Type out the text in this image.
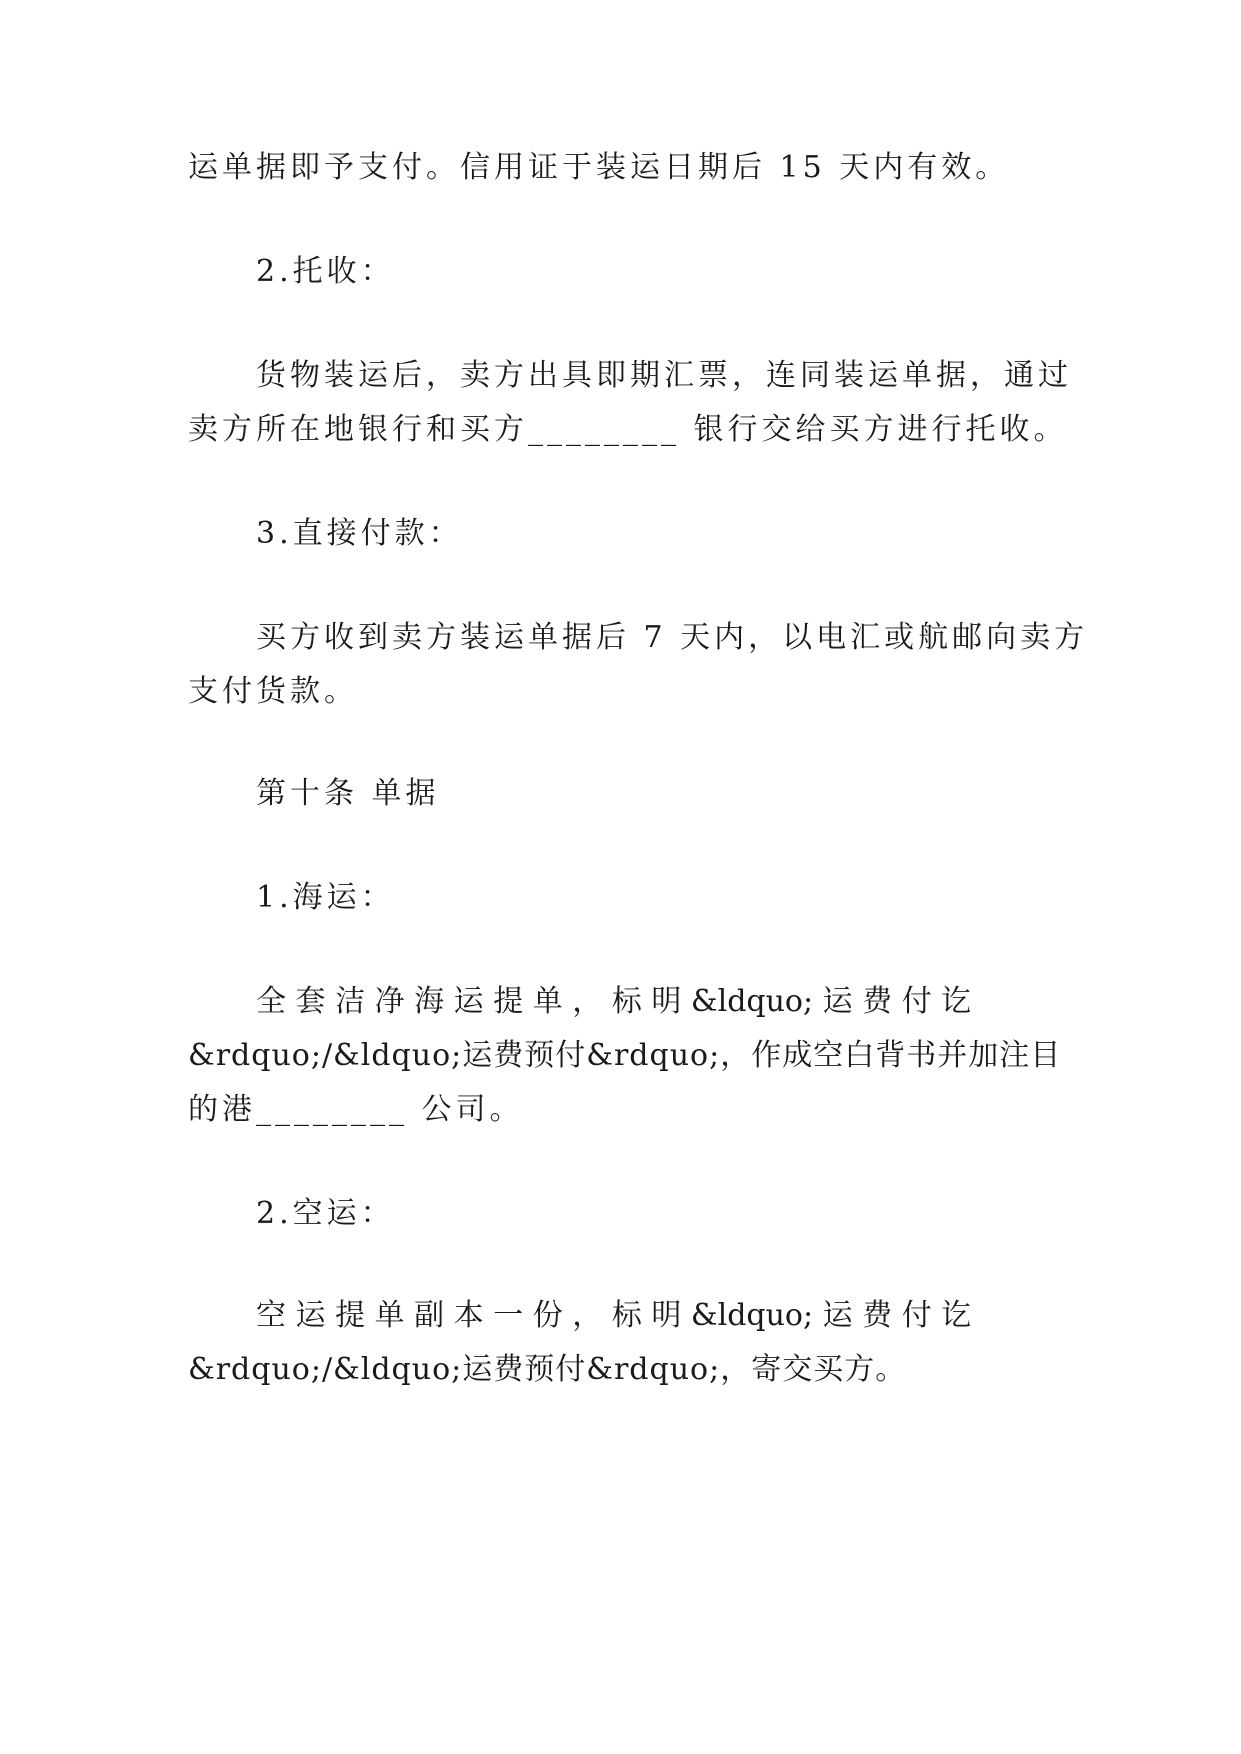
运单据即予支付。信用证于装运日期后 15 天内有效。
2.托收：
货物装运后，卖方出具即期汇票，连同装运单据，通过
卖方所在地银行和买方________ 银行交给买方进行托收。
3.直接付款：
买方收到卖方装运单据后 7 天内，以电汇或航邮向卖方
支付货款。
第十条 单据
1.海运：
全 套 洁 净 海 运 提 单 ， 标 明 &ldquo; 运 费 付 讫
&rdquo;/&ldquo;运费预付&rdquo;，作成空白背书并加注目
的港________ 公司。
2.空运：
空 运 提 单 副 本 一 份 ， 标 明 &ldquo; 运 费 付 讫
&rdquo;/&ldquo;运费预付&rdquo;，寄交买方。
